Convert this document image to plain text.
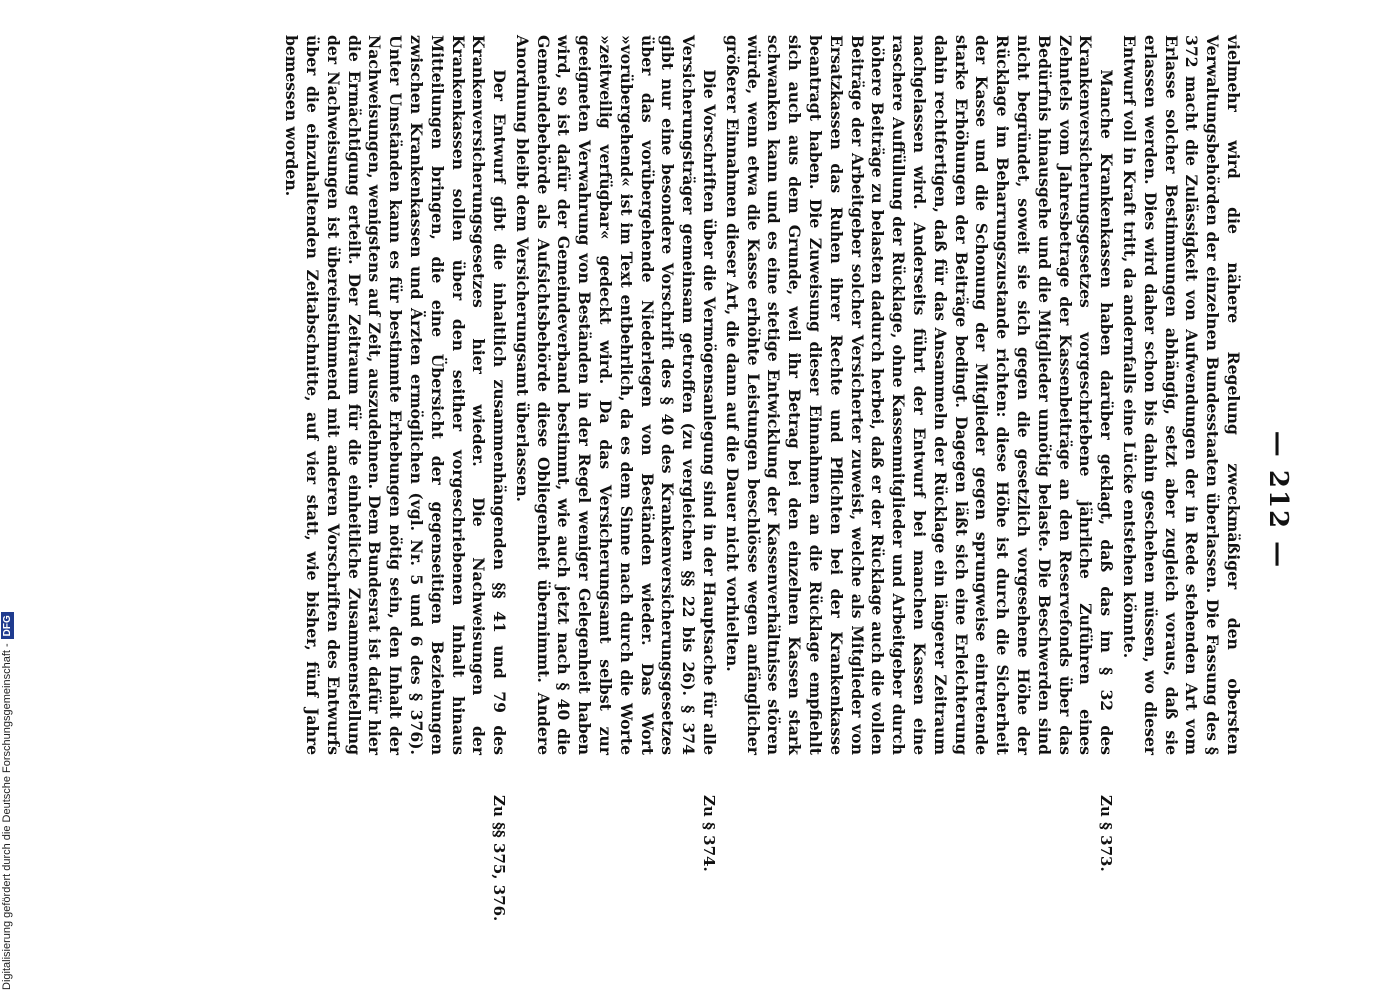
— 212 —

vielmehr wird die nähere Regelung zweckmäßiger den obersten Verwaltungsbehörden der einzelnen Bundesstaaten überlassen. Die Fassung des § 372 macht die Zulässigkeit von Aufwendungen der in Rede stehenden Art vom Erlasse solcher Bestimmungen abhängig, setzt aber zugleich voraus, daß sie erlassen werden. Dies wird daher schon bis dahin geschehen müssen, wo dieser Entwurf voll in Kraft tritt, da andernfalls eine Lücke entstehen könnte.

Zu § 373.

Manche Krankenkassen haben darüber geklagt, daß das im § 32 des Krankenversicherungsgesetzes vorgeschriebene jährliche Zuführen eines Zehntels vom Jahresbetrage der Kassenbeiträge an den Reservefonds über das Bedürfnis hinausgehe und die Mitglieder unnötig belaste. Die Beschwerden sind nicht begründet, soweit sie sich gegen die gesetzlich vorgesehene Höhe der Rücklage im Beharrungszustande richten: diese Höhe ist durch die Sicherheit der Kasse und die Schonung der Mitglieder gegen sprungweise eintretende starke Erhöhungen der Beiträge bedingt. Dagegen läßt sich eine Erleichterung dahin rechtfertigen, daß für das Ansammeln der Rücklage ein längerer Zeitraum nachgelassen wird. Anderseits führt der Entwurf bei manchen Kassen eine raschere Auffüllung der Rücklage, ohne Kassenmitglieder und Arbeitgeber durch höhere Beiträge zu belasten dadurch herbei, daß er der Rücklage auch die vollen Beiträge der Arbeitgeber solcher Versicherter zuweist, welche als Mitglieder von Ersatzkassen das Ruhen ihrer Rechte und Pflichten bei der Krankenkasse beantragt haben. Die Zuweisung dieser Einnahmen an die Rücklage empfiehlt sich auch aus dem Grunde, weil ihr Betrag bei den einzelnen Kassen stark schwanken kann und es eine stetige Entwicklung der Kassenverhältnisse stören würde, wenn etwa die Kasse erhöhte Leistungen beschlösse wegen anfänglicher größerer Einnahmen dieser Art, die dann auf die Dauer nicht vorhielten.

Zu § 374.

Die Vorschriften über die Vermögensanlegung sind in der Hauptsache für alle Versicherungsträger gemeinsam getroffen (zu vergleichen §§ 22 bis 26). § 374 gibt nur eine besondere Vorschrift des § 40 des Krankenversicherungsgesetzes über das vorübergehende Niederlegen von Beständen wieder. Das Wort »vorübergehend« ist im Text entbehrlich, da es dem Sinne nach durch die Worte »zeitweilig verfügbar« gedeckt wird. Da das Versicherungsamt selbst zur geeigneten Verwahrung von Beständen in der Regel weniger Gelegenheit haben wird, so ist dafür der Gemeindeverband bestimmt, wie auch jetzt nach § 40 die Gemeindebehörde als Aufsichtsbehörde diese Obliegenheit übernimmt. Andere Anordnung bleibt dem Versicherungsamt überlassen.

Zu §§ 375, 376.

Der Entwurf gibt die inhaltlich zusammenhängenden §§ 41 und 79 des Krankenversicherungsgesetzes hier wieder. Die Nachweisungen der Krankenkassen sollen über den seither vorgeschriebenen Inhalt hinaus Mitteilungen bringen, die eine Übersicht der gegenseitigen Beziehungen zwischen Krankenkassen und Ärzten ermöglichen (vgl. Nr. 5 und 6 des § 376). Unter Umständen kann es für bestimmte Erhebungen nötig sein, den Inhalt der Nachweisungen, wenigstens auf Zeit, auszudehnen. Dem Bundesrat ist dafür hier die Ermächtigung erteilt. Der Zeitraum für die einheitliche Zusammenstellung der Nachweisungen ist übereinstimmend mit anderen Vorschriften des Entwurfs über die einzuhaltenden Zeitabschnitte, auf vier statt, wie bisher, fünf Jahre bemessen worden.

Digitalisierung gefördert durch die Deutsche Forschungsgemeinschaft -DFG
